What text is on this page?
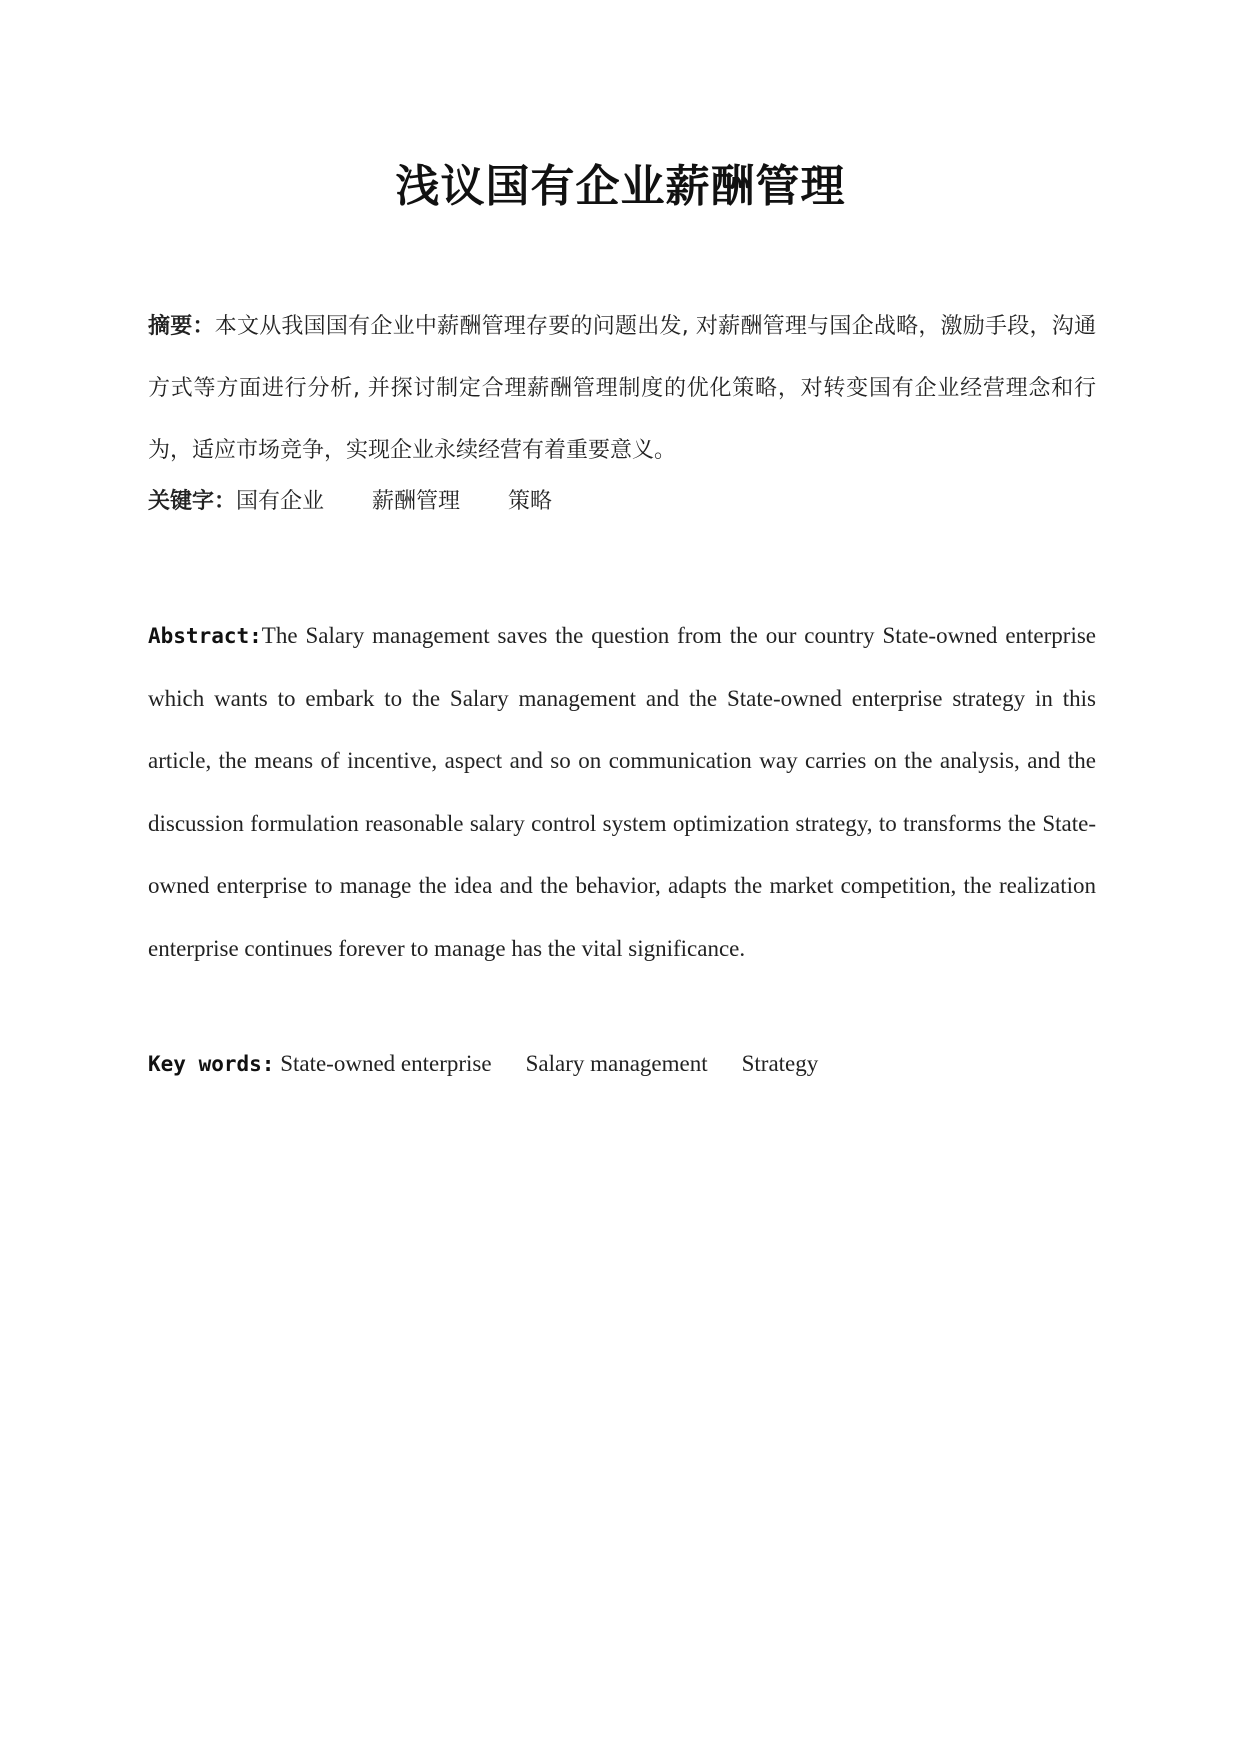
浅议国有企业薪酬管理
摘要：本文从我国国有企业中薪酬管理存要的问题出发, 对薪酬管理与国企战略，激励手段，沟通方式等方面进行分析, 并探讨制定合理薪酬管理制度的优化策略，对转变国有企业经营理念和行为，适应市场竞争，实现企业永续经营有着重要意义。
关键字：国有企业 薪酬管理 策略
Abstract:The Salary management saves the question from the our country State-owned enterprise which wants to embark to the Salary management and the State-owned enterprise strategy in this article, the means of incentive, aspect and so on communication way carries on the analysis, and the discussion formulation reasonable salary control system optimization strategy, to transforms the State-owned enterprise to manage the idea and the behavior, adapts the market competition, the realization enterprise continues forever to manage has the vital significance.
Key words: State-owned enterprise Salary management Strategy
